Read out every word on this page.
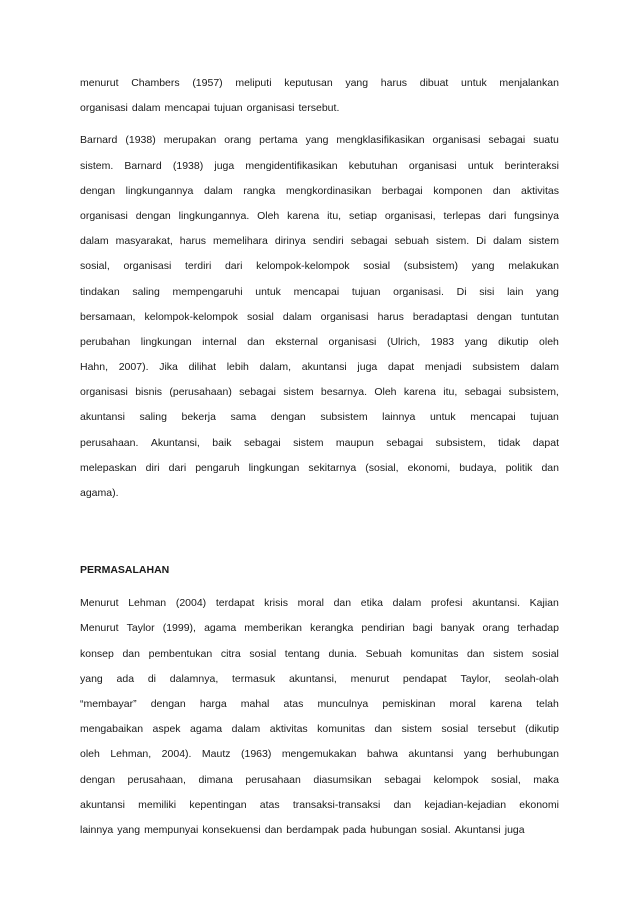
menurut Chambers (1957) meliputi keputusan yang harus dibuat untuk menjalankan
organisasi dalam mencapai tujuan organisasi tersebut.
Barnard (1938) merupakan orang pertama yang mengklasifikasikan organisasi sebagai suatu
sistem. Barnard (1938) juga mengidentifikasikan kebutuhan organisasi untuk berinteraksi
dengan lingkungannya dalam rangka mengkordinasikan berbagai komponen dan aktivitas
organisasi dengan lingkungannya. Oleh karena itu, setiap organisasi, terlepas dari fungsinya
dalam masyarakat, harus memelihara dirinya sendiri sebagai sebuah sistem. Di dalam sistem
sosial, organisasi terdiri dari kelompok-kelompok sosial (subsistem) yang melakukan
tindakan saling mempengaruhi untuk mencapai tujuan organisasi. Di sisi lain yang
bersamaan, kelompok-kelompok sosial dalam organisasi harus beradaptasi dengan tuntutan
perubahan lingkungan internal dan eksternal organisasi (Ulrich, 1983 yang dikutip oleh
Hahn, 2007). Jika dilihat lebih dalam, akuntansi juga dapat menjadi subsistem dalam
organisasi bisnis (perusahaan) sebagai sistem besarnya. Oleh karena itu, sebagai subsistem,
akuntansi saling bekerja sama dengan subsistem lainnya untuk mencapai tujuan
perusahaan. Akuntansi, baik sebagai sistem maupun sebagai subsistem, tidak dapat
melepaskan diri dari pengaruh lingkungan sekitarnya (sosial, ekonomi, budaya, politik dan
agama).
PERMASALAHAN
Menurut Lehman (2004) terdapat krisis moral dan etika dalam profesi akuntansi. Kajian
Menurut Taylor (1999), agama memberikan kerangka pendirian bagi banyak orang terhadap
konsep dan pembentukan citra sosial tentang dunia. Sebuah komunitas dan sistem sosial
yang ada di dalamnya, termasuk akuntansi, menurut pendapat Taylor, seolah-olah
“membayar” dengan harga mahal atas munculnya pemiskinan moral karena telah
mengabaikan aspek agama dalam aktivitas komunitas dan sistem sosial tersebut (dikutip
oleh Lehman, 2004). Mautz (1963) mengemukakan bahwa akuntansi yang berhubungan
dengan perusahaan, dimana perusahaan diasumsikan sebagai kelompok sosial, maka
akuntansi memiliki kepentingan atas transaksi-transaksi dan kejadian-kejadian ekonomi
lainnya yang mempunyai konsekuensi dan berdampak pada hubungan sosial. Akuntansi juga
